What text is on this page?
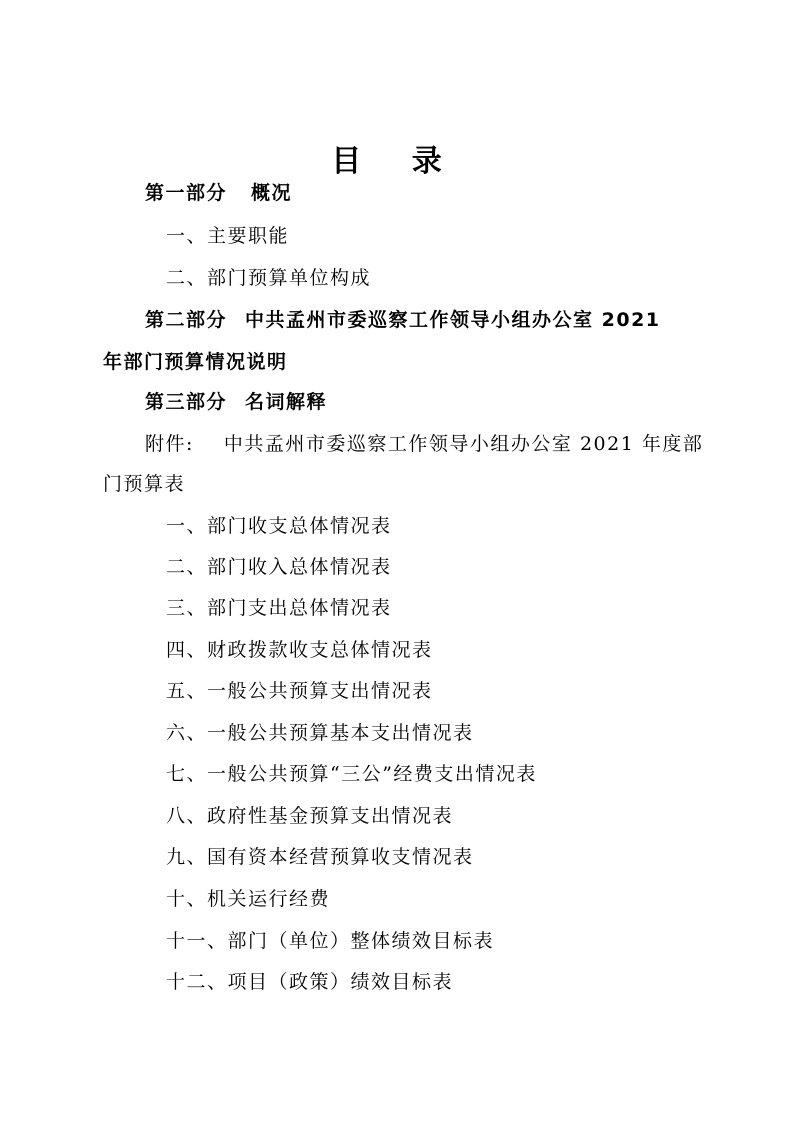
目 录
第一部分 概况
一、主要职能
二、部门预算单位构成
第二部分 中共孟州市委巡察工作领导小组办公室 2021
年部门预算情况说明
第三部分 名词解释
附件: 中共孟州市委巡察工作领导小组办公室 2021 年度部
门预算表
一、部门收支总体情况表
二、部门收入总体情况表
三、部门支出总体情况表
四、财政拨款收支总体情况表
五、一般公共预算支出情况表
六、一般公共预算基本支出情况表
七、一般公共预算“三公”经费支出情况表
八、政府性基金预算支出情况表
九、国有资本经营预算收支情况表
十、机关运行经费
十一、部门（单位）整体绩效目标表
十二、项目（政策）绩效目标表
